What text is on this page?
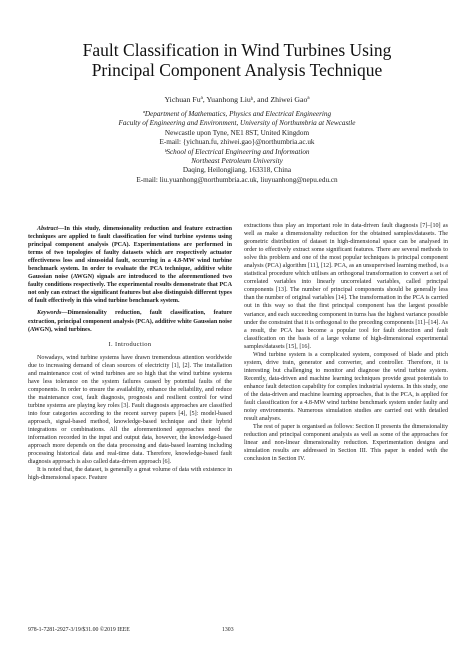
Fault Classification in Wind Turbines Using
Principal Component Analysis Technique
Yichuan Fuª, Yuanhong Liuᵇ, and Zhiwei Gaoª
ªDepartment of Mathematics, Physics and Electrical Engineering
Faculty of Engineering and Environment, University of Northumbria at Newcastle
Newcastle upon Tyne, NE1 8ST, United Kingdom
E-mail: {yichuan.fu, zhiwei.gao}@northumbria.ac.uk
ᵇSchool of Electrical Engineering and Information
Northeast Petroleum University
Daqing, Heilongjiang, 163318, China
E-mail: liu.yuanhong@northumbria.ac.uk, liuyuanhong@nepu.edu.cn

Abstract—In this study, dimensionality reduction and feature extraction techniques are applied to fault classification for wind turbine systems using principal component analysis (PCA). Experimentations are performed in terms of two topologies of faulty datasets which are respectively actuator effectiveness loss and sinusoidal fault, occurring in a 4.8-MW wind turbine benchmark system. In order to evaluate the PCA technique, additive white Gaussian noise (AWGN) signals are introduced to the aforementioned two faulty conditions respectively. The experimental results demonstrate that PCA not only can extract the significant features but also distinguish different types of fault effectively in this wind turbine benchmark system.

Keywords—Dimensionality reduction, fault classification, feature extraction, principal component analysis (PCA), additive white Gaussian noise (AWGN), wind turbines.

I. Introduction

Nowadays, wind turbine systems have drawn tremendous attention worldwide due to increasing demand of clean sources of electricity [1], [2]. The installation and maintenance cost of wind turbines are so high that the wind turbine systems have less tolerance on the system failures caused by potential faults of the components. In order to ensure the availability, enhance the reliability, and reduce the maintenance cost, fault diagnosis, prognosis and resilient control for wind turbine systems are playing key roles [3]. Fault diagnosis approaches are classified into four categories according to the recent survey papers [4], [5]: model-based approach, signal-based method, knowledge-based technique and their hybrid integrations or combinations. All the aforementioned approaches need the information recorded in the input and output data, however, the knowledge-based approach more depends on the data processing and data-based learning including processing historical data and real-time data. Therefore, knowledge-based fault diagnosis approach is also called data-driven approach [6].

It is noted that, the dataset, is generally a great volume of data with existence in high-dimensional space. Feature

extractions thus play an important role in data-driven fault diagnosis [7]–[10] as well as make a dimensionality reduction for the obtained samples/datasets. The geometric distribution of dataset in high-dimensional space can be analysed in order to effectively extract some significant features. There are several methods to solve this problem and one of the most popular techniques is principal component analysis (PCA) algorithm [11], [12]. PCA, as an unsupervised learning method, is a statistical procedure which utilises an orthogonal transformation to convert a set of correlated variables into linearly uncorrelated variables, called principal components [13]. The number of principal components should be generally less than the number of original variables [14]. The transformation in the PCA is carried out in this way so that the first principal component has the largest possible variance, and each succeeding component in turns has the highest variance possible under the constraint that it is orthogonal to the preceding components [11]–[14]. As a result, the PCA has become a popular tool for fault detection and fault classification on the basis of a large volume of high-dimensional experimental samples/datasets [15], [16].

Wind turbine system is a complicated system, composed of blade and pitch system, drive train, generator and converter, and controller. Therefore, it is interesting but challenging to monitor and diagnose the wind turbine system. Recently, data-driven and machine learning techniques provide great potentials to enhance fault detection capability for complex industrial systems. In this study, one of the data-driven and machine learning approaches, that is the PCA, is applied for fault classification for a 4.8-MW wind turbine benchmark system under faulty and noisy environments. Numerous simulation studies are carried out with detailed result analyses.

The rest of paper is organised as follows: Section II presents the dimensionality reduction and principal component analysis as well as some of the approaches for linear and non-linear dimensionality reduction. Experimentation designs and simulation results are addressed in Section III. This paper is ended with the conclusion in Section IV.

978-1-7281-2927-3/19/$31.00 ©2019 IEEE	1303
